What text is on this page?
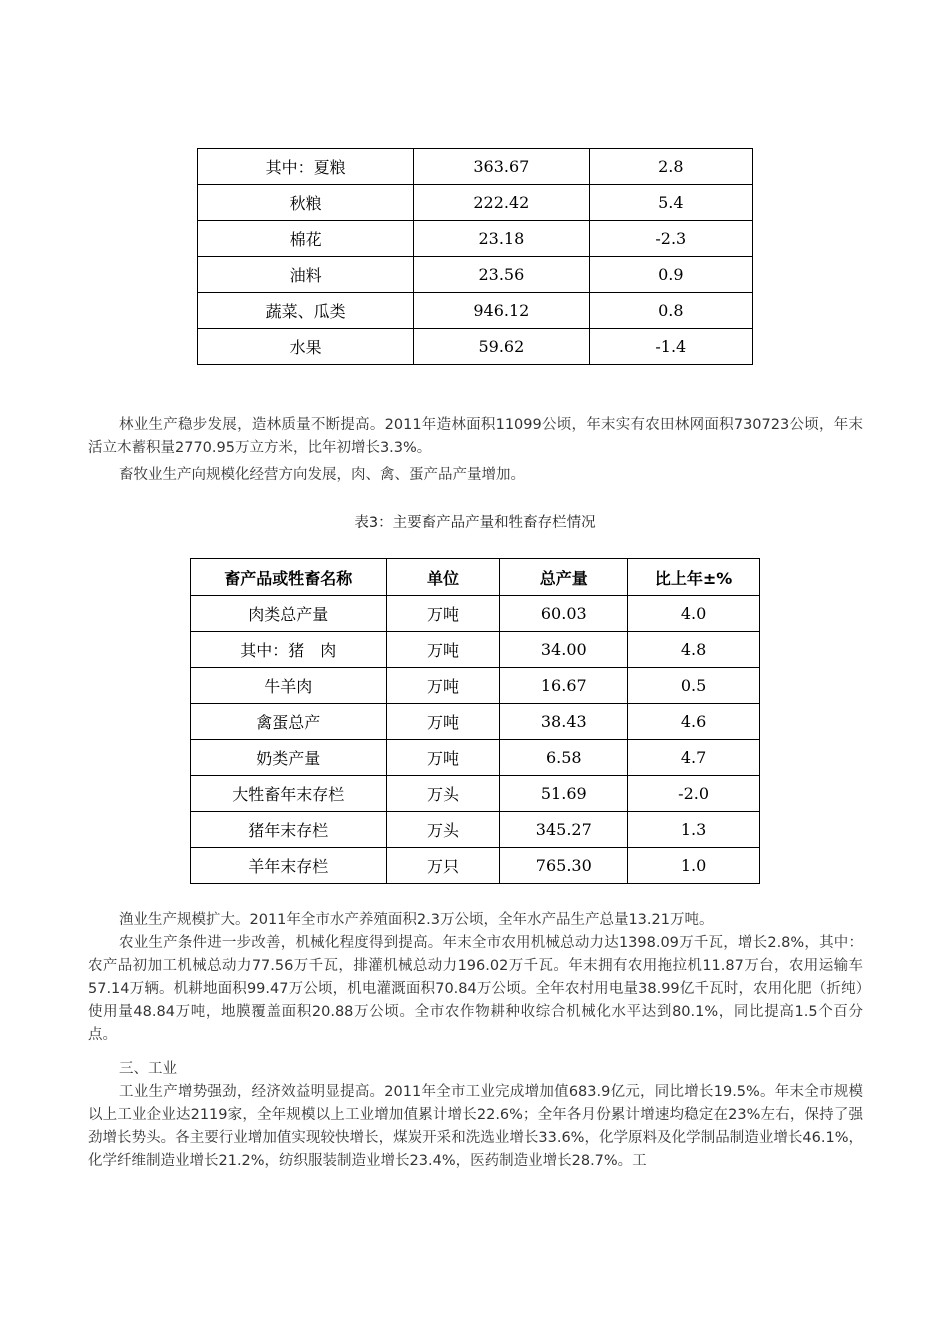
其中：夏粮	363.67	2.8
秋粮	222.42	5.4
棉花	23.18	-2.3
油料	23.56	0.9
蔬菜、瓜类	946.12	0.8
水果	59.62	-1.4

林业生产稳步发展，造林质量不断提高。2011年造林面积11099公顷，年末实有农田林网面积730723公顷，年末活立木蓄积量2770.95万立方米，比年初增长3.3%。

畜牧业生产向规模化经营方向发展，肉、禽、蛋产品产量增加。

表3：主要畜产品产量和牲畜存栏情况

畜产品或牲畜名称	单位	总产量	比上年±%
肉类总产量	万吨	60.03	4.0
其中：猪　肉	万吨	34.00	4.8
牛羊肉	万吨	16.67	0.5
禽蛋总产	万吨	38.43	4.6
奶类产量	万吨	6.58	4.7
大牲畜年末存栏	万头	51.69	-2.0
猪年末存栏	万头	345.27	1.3
羊年末存栏	万只	765.30	1.0

渔业生产规模扩大。2011年全市水产养殖面积2.3万公顷，全年水产品生产总量13.21万吨。

农业生产条件进一步改善，机械化程度得到提高。年末全市农用机械总动力达1398.09万千瓦，增长2.8%，其中：农产品初加工机械总动力77.56万千瓦，排灌机械总动力196.02万千瓦。年末拥有农用拖拉机11.87万台，农用运输车57.14万辆。机耕地面积99.47万公顷，机电灌溉面积70.84万公顷。全年农村用电量38.99亿千瓦时，农用化肥（折纯）使用量48.84万吨，地膜覆盖面积20.88万公顷。全市农作物耕种收综合机械化水平达到80.1%，同比提高1.5个百分点。

三、工业

工业生产增势强劲，经济效益明显提高。2011年全市工业完成增加值683.9亿元，同比增长19.5%。年末全市规模以上工业企业达2119家，全年规模以上工业增加值累计增长22.6%；全年各月份累计增速均稳定在23%左右，保持了强劲增长势头。各主要行业增加值实现较快增长，煤炭开采和洗选业增长33.6%，化学原料及化学制品制造业增长46.1%，化学纤维制造业增长21.2%，纺织服装制造业增长23.4%，医药制造业增长28.7%。工
